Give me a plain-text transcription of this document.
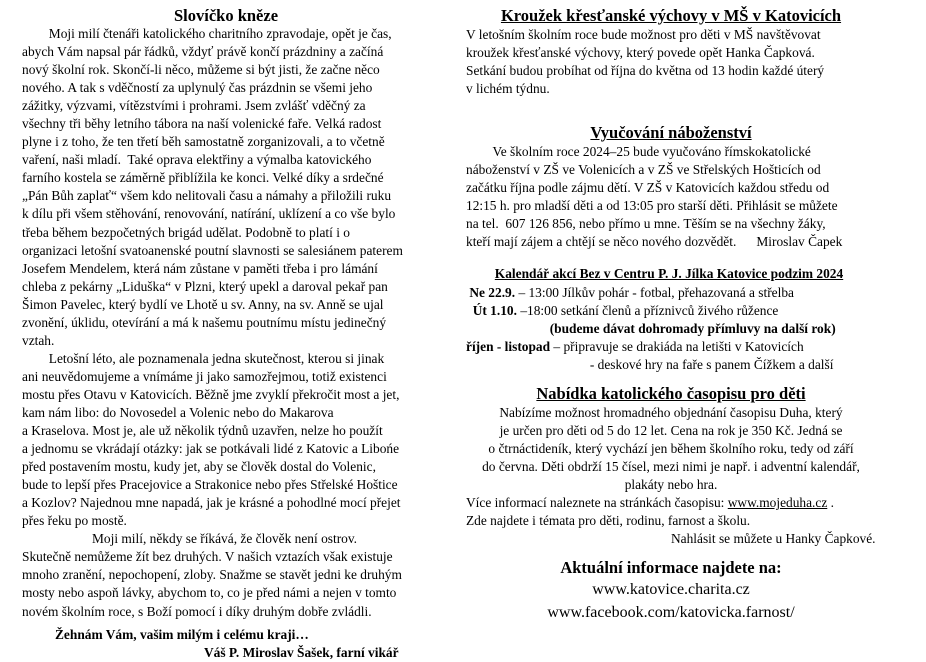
Slovíčko kněze
Moji milí čtenáři katolického charitního zpravodaje, opět je čas,
abych Vám napsal pár řádků, vždyť právě končí prázdniny a začíná
nový školní rok. Skončí-li něco, můžeme si být jisti, že začne něco
nového. A tak s vděčností za uplynulý čas prázdnin se všemi jeho
zážitky, výzvami, vítězstvími i prohrami. Jsem zvlášť vděčný za
všechny tři běhy letního tábora na naší volenické faře. Velká radost
plyne i z toho, že ten třetí běh samostatně zorganizovali, a to včetně
vaření, naši mladí.  Také oprava elektřiny a výmalba katovického
farního kostela se záměrně přiblížila ke konci. Velké díky a srdečné
„Pán Bůh zaplať“ všem kdo nelitovali času a námahy a přiložili ruku
k dílu při všem stěhování, renovování, natírání, uklízení a co vše bylo
třeba během bezpočetných brigád udělat. Podobně to platí i o
organizaci letošní svatoanenské poutní slavnosti se salesiánem paterem
Josefem Mendelem, která nám zůstane v paměti třeba i pro lámání
chleba z pekárny „Liduška“ v Plzni, který upekl a daroval pekař pan
Šimon Pavelec, který bydlí ve Lhotě u sv. Anny, na sv. Anně se ujal
zvonění, úklidu, otevírání a má k našemu poutnímu místu jedinečný
vztah.
Letošní léto, ale poznamenala jedna skutečnost, kterou si jinak
ani neuvědomujeme a vnímáme ji jako samozřejmou, totiž existenci
mostu přes Otavu v Katovicích. Běžně jme zvyklí překročit most a jet,
kam nám libo: do Novosedel a Volenic nebo do Makarova
a Kraselova. Most je, ale už několik týdnů uzavřen, nelze ho použít
a jednomu se vkrádají otázky: jak se potkávali lidé z Katovic a Libońe
před postavením mostu, kudy jet, aby se člověk dostal do Volenic,
bude to lepší přes Pracejovice a Strakonice nebo přes Střelské Hoštice
a Kozlov? Najednou mne napadá, jak je krásné a pohodlné mocí přejet
přes řeku po mostě.
Moji milí, někdy se říkává, že člověk není ostrov.
Skutečně nemůžeme žít bez druhých. V našich vztazích však existuje
mnoho zranění, nepochopení, zloby. Snažme se stavět jedni ke druhým
mosty nebo aspoň lávky, abychom to, co je před námi a nejen v tomto
novém školním roce, s Boží pomocí i díky druhým dobře zvládli.
Žehnám Vám, vašim milým i celému kraji…
Váš P. Miroslav Šašek, farní vikář
Kroužek křesťanské výchovy v MŠ v Katovicích
V letošním školním roce bude možnost pro děti v MŠ navštěvovat
kroužek křesťanské výchovy, který povede opět Hanka Čapková.
Setkání budou probíhat od října do května od 13 hodin každé úterý
v lichém týdnu.
Vyučování náboženství
Ve školním roce 2024–25 bude vyučováno římskokatolické
náboženství v ZŠ ve Volenicích a v ZŠ ve Střelských Hošticích od
začátku října podle zájmu dětí. V ZŠ v Katovicích každou středu od
12:15 h. pro mladší děti a od 13:05 pro starší děti. Přihlásit se můžete
na tel.  607 126 856, nebo přímo u mne. Těším se na všechny žáky,
kteří mají zájem a chtějí se něco nového dozvědět.      Miroslav Čapek
Kalendář akcí Bez v Centru P. J. Jílka Katovice podzim 2024
Ne 22.9. – 13:00 Jílkův pohár - fotbal, přehazovaná a střelba
Út 1.10. –18:00 setkání členů a příznivců živého růžence
(budeme dávat dohromady přímluvy na další rok)
říjen - listopad – připravuje se drakiáda na letišti v Katovicích
- deskové hry na faře s panem Čížkem a další
Nabídka katolického časopisu pro děti
Nabízíme možnost hromadného objednání časopisu Duha, který
je určen pro děti od 5 do 12 let. Cena na rok je 350 Kč. Jedná se
o čtrnáctideník, který vychází jen během školního roku, tedy od září
do června. Děti obdrží 15 čísel, mezi nimi je např. i adventní kalendář,
plakáty nebo hra.
Více informací naleznete na stránkách časopisu: www.mojeduha.cz .
Zde najdete i témata pro děti, rodinu, farnost a školu.
Nahlásit se můžete u Hanky Čapkové.
Aktuální informace najdete na:
www.katovice.charita.cz
www.facebook.com/katovicka.farnost/
